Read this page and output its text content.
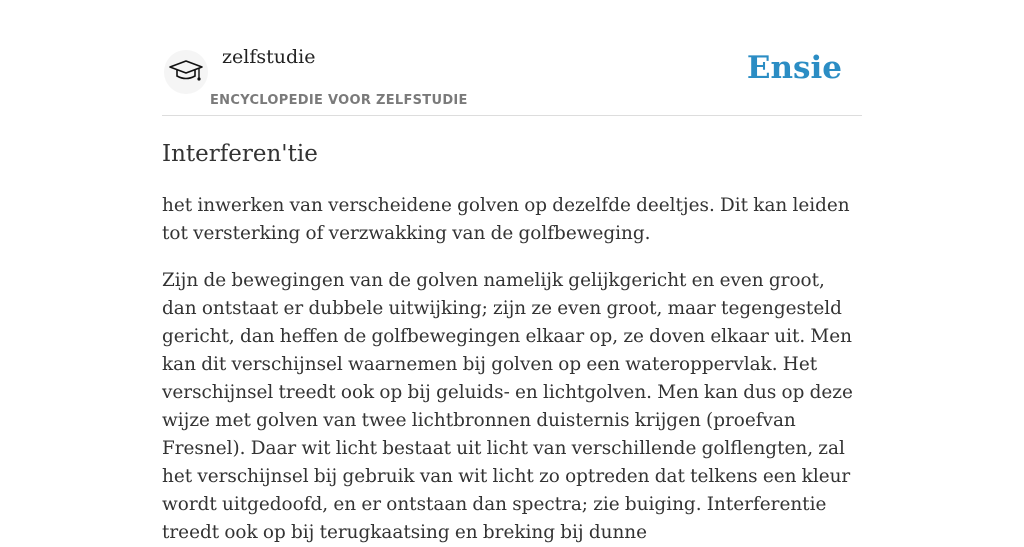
zelfstudie
ENCYCLOPEDIE VOOR ZELFSTUDIE
Ensie
Interferen'tie

het inwerken van verscheidene golven op dezelfde deeltjes. Dit kan leiden tot versterking of verzwakking van de golfbeweging.

Zijn de bewegingen van de golven namelijk gelijkgericht en even groot, dan ontstaat er dubbele uitwijking; zijn ze even groot, maar tegengesteld gericht, dan heffen de golfbewegingen elkaar op, ze doven elkaar uit. Men kan dit verschijnsel waarnemen bij golven op een wateroppervlak. Het verschijnsel treedt ook op bij geluids- en lichtgolven. Men kan dus op deze wijze met golven van twee lichtbronnen duisternis krijgen (proefvan Fresnel). Daar wit licht bestaat uit licht van verschillende golflengten, zal het verschijnsel bij gebruik van wit licht zo optreden dat telkens een kleur wordt uitgedoofd, en er ontstaan dan spectra; zie buiging. Interferentie treedt ook op bij terugkaatsing en breking bij dunne
